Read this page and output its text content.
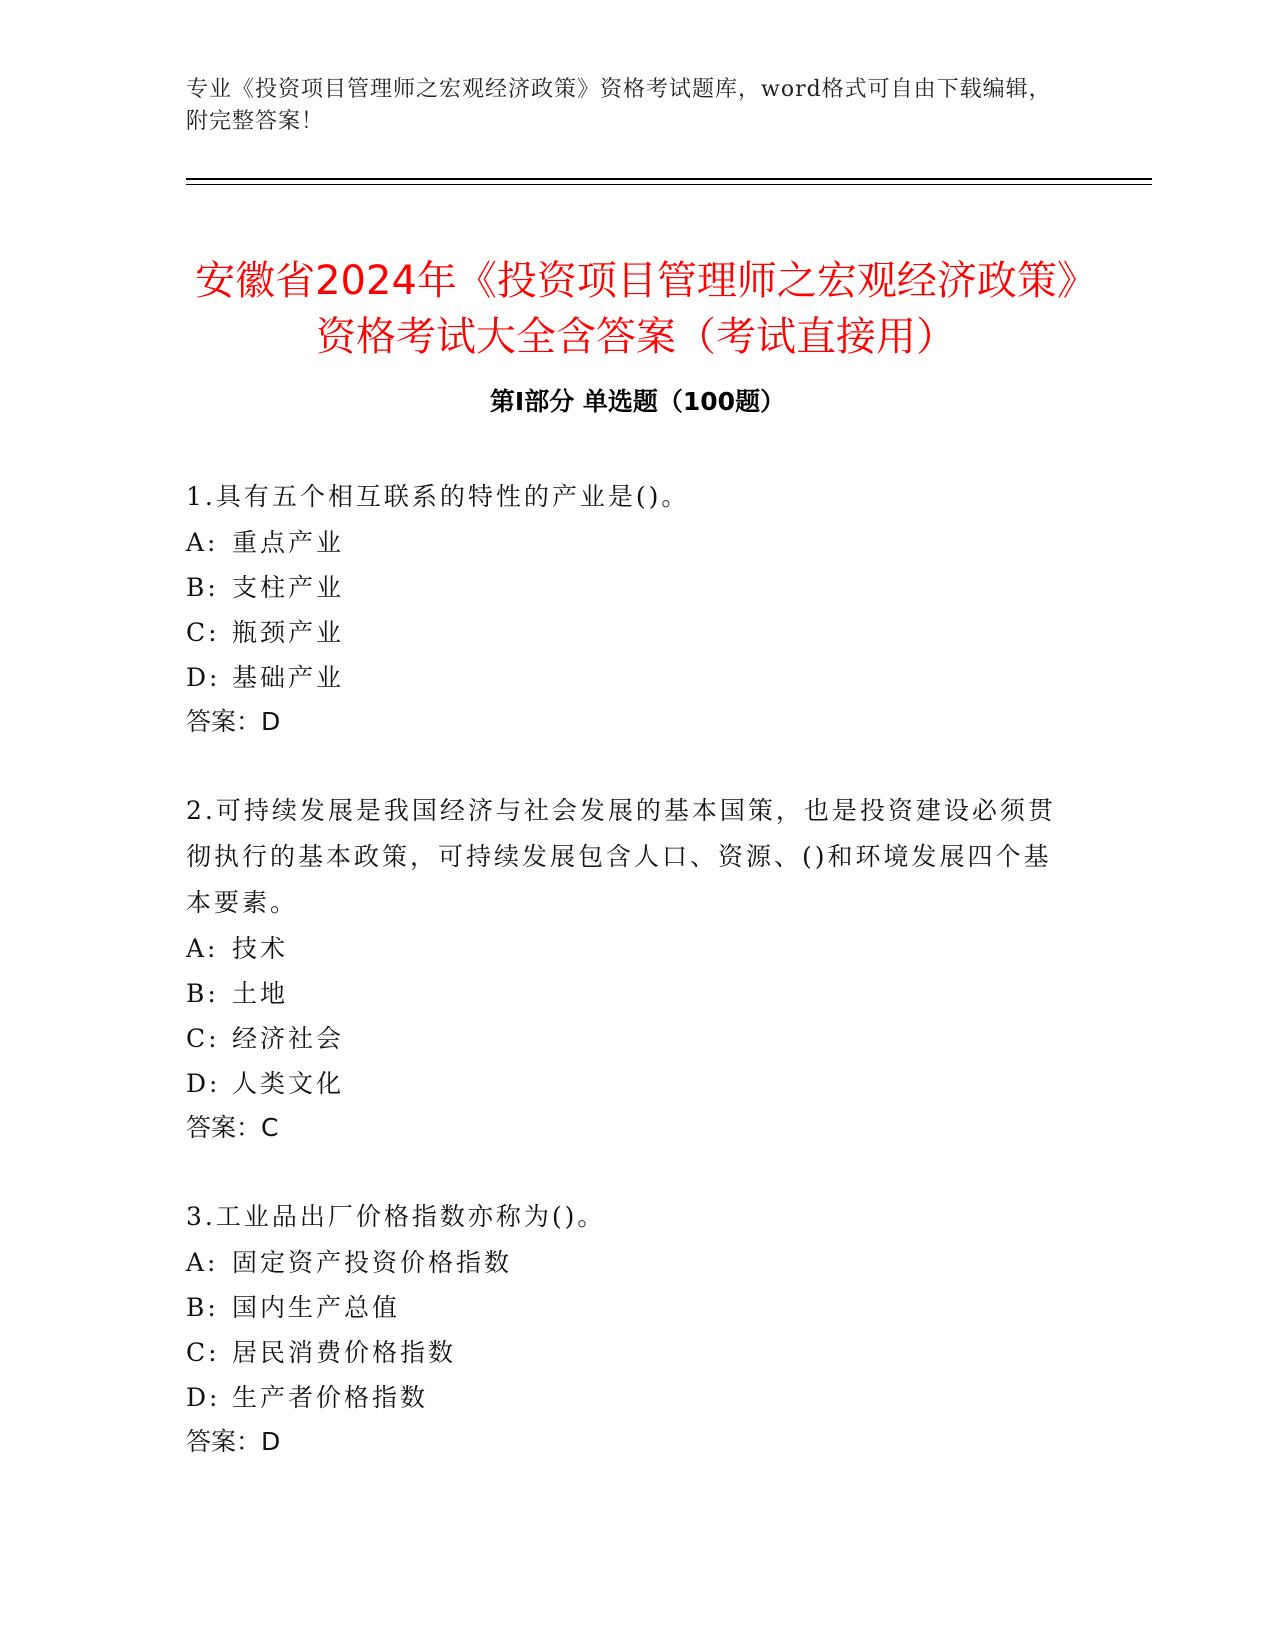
专业《投资项目管理师之宏观经济政策》资格考试题库，word格式可自由下载编辑，附完整答案！
安徽省2024年《投资项目管理师之宏观经济政策》资格考试大全含答案（考试直接用）
第Ⅰ部分 单选题（100题）

1.具有五个相互联系的特性的产业是()。

A: 重点产业

B: 支柱产业

C: 瓶颈产业

D: 基础产业

答案：D

2.可持续发展是我国经济与社会发展的基本国策，也是投资建设必须贯彻执行的基本政策，可持续发展包含人口、资源、()和环境发展四个基本要素。

A: 技术

B: 土地

C: 经济社会

D: 人类文化

答案：C

3.工业品出厂价格指数亦称为()。

A: 固定资产投资价格指数

B: 国内生产总值

C: 居民消费价格指数

D: 生产者价格指数

答案：D
